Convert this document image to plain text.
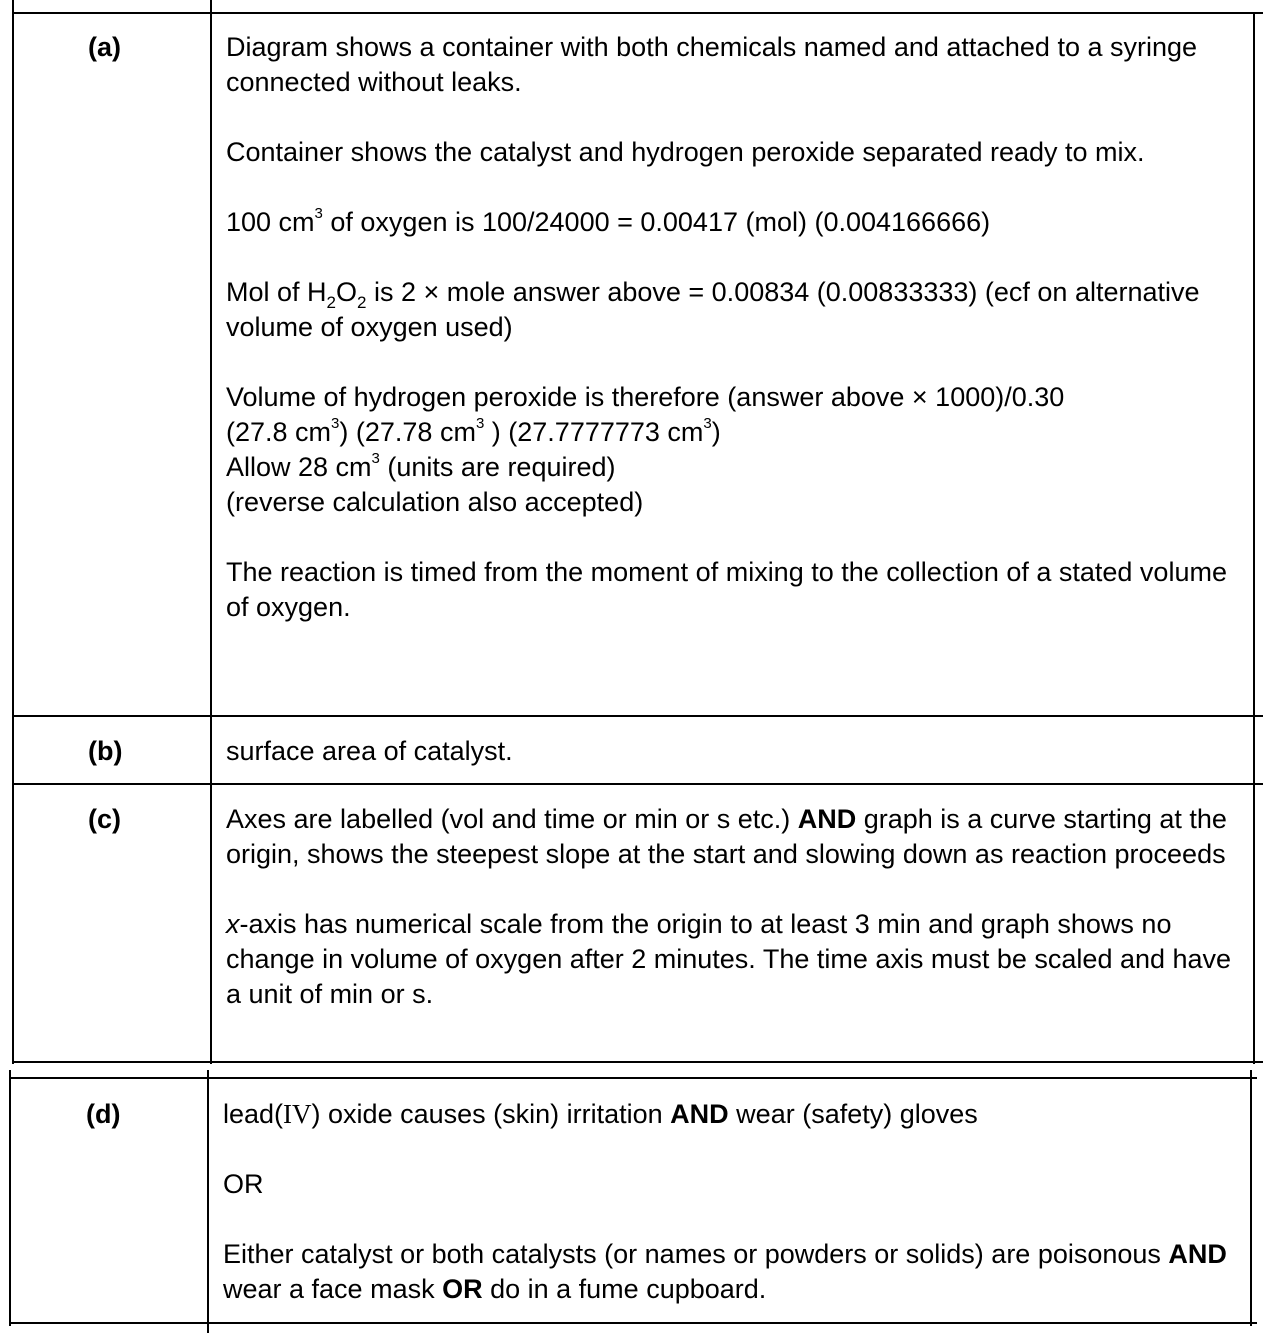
(a)	Diagram shows a container with both chemicals named and attached to a syringe connected without leaks.

Container shows the catalyst and hydrogen peroxide separated ready to mix.

100 $cm^3$ of oxygen is 100/24000 = 0.00417 (mol) (0.004166666)

Mol of $H_2O_2$ is 2 × mole answer above = 0.00834 (0.00833333) (ecf on alternative volume of oxygen used)

Volume of hydrogen peroxide is therefore (answer above × 1000)/0.30
(27.8 $cm^3$) (27.78 $cm^3$ ) (27.7777773 $cm^3$)
Allow 28 $cm^3$ (units are required)
(reverse calculation also accepted)

The reaction is timed from the moment of mixing to the collection of a stated volume of oxygen.

(b)	surface area of catalyst.
(c)	Axes are labelled (vol and time or min or s etc.) AND graph is a curve starting at the origin, shows the steepest slope at the start and slowing down as reaction proceeds

x-axis has numerical scale from the origin to at least 3 min and graph shows no change in volume of oxygen after 2 minutes. The time axis must be scaled and have a unit of min or s.

(d)	lead(IV) oxide causes (skin) irritation AND wear (safety) gloves

OR

Either catalyst or both catalysts (or names or powders or solids) are poisonous AND wear a face mask OR do in a fume cupboard.
